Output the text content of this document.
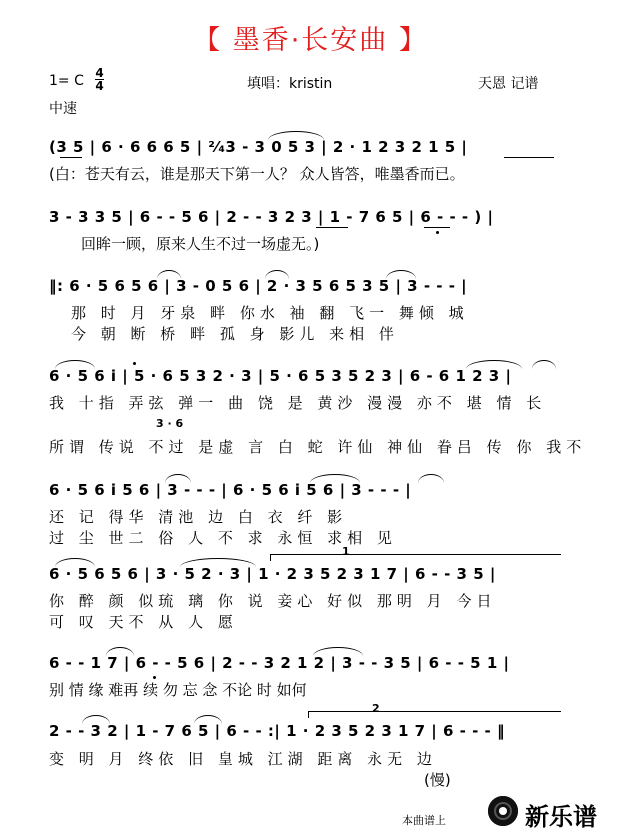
【 墨香·长安曲 】
1= C 4
4	填唱：kristin	天恩 记谱
中速
(3 5 | 6 · 6 6 6 5 | ²⁄₄3 - 3 0 5 3 | 2 · 1 2 3 2 1 5 |
(白：苍天有云，谁是那天下第一人？ 众人皆答，唯墨香而已。
3 - 3 3 5 | 6 - - 5 6 | 2 - - 3 2 3 | 1 - 7 6 5 | 6 - - - ) |
回眸一顾，原来人生不过一场虚无。)
‖: 6 · 5 6 5 6 | 3 - 0 5 6 | 2 · 3 5 6 5 3 5 | 3 - - - |
那 时 月 牙泉 畔 你水 袖 翻 飞一 舞倾 城
今 朝 断 桥 畔 孤 身 影儿 来相 伴
6 · 5 6 i | 5 · 6 5 3 2 · 3 | 5 · 6 5 3 5 2 3 | 6 - 6 1 2 3 |
我 十指 弄弦 弹一 曲 饶 是 黄沙 漫漫 亦不 堪 情 长
3 · 6
所谓 传说 不过 是虚 言 白 蛇 许仙 神仙 眷吕 传 你 我不
6 · 5 6 i 5 6 | 3 - - - | 6 · 5 6 i 5 6 | 3 - - - |
还 记 得华 清池 边 白 衣 纤 影
过 尘 世二 俗 人 不 求 永恒 求相 见
1
6 · 5 6 5 6 | 3 · 5 2 · 3 | 1 · 2 3 5 2 3 1 7 | 6 - - 3 5 |
你 醉 颜 似琉 璃 你 说 妾心 好似 那明 月 今日
可 叹 天不 从 人 愿
6 - - 1 7 | 6 - - 5 6 | 2 - - 3 2 1 2 | 3 - - 3 5 | 6 - - 5 1 |
别 情 缘 难再 续 勿 忘 念 不论 时 如何
2
2 - - 3 2 | 1 - 7 6 5 | 6 - - :| 1 · 2 3 5 2 3 1 7 | 6 - - - ‖
变 明 月 终依 旧 皇城 江湖 距离 永无 边
(慢)
本曲谱上	新乐谱
